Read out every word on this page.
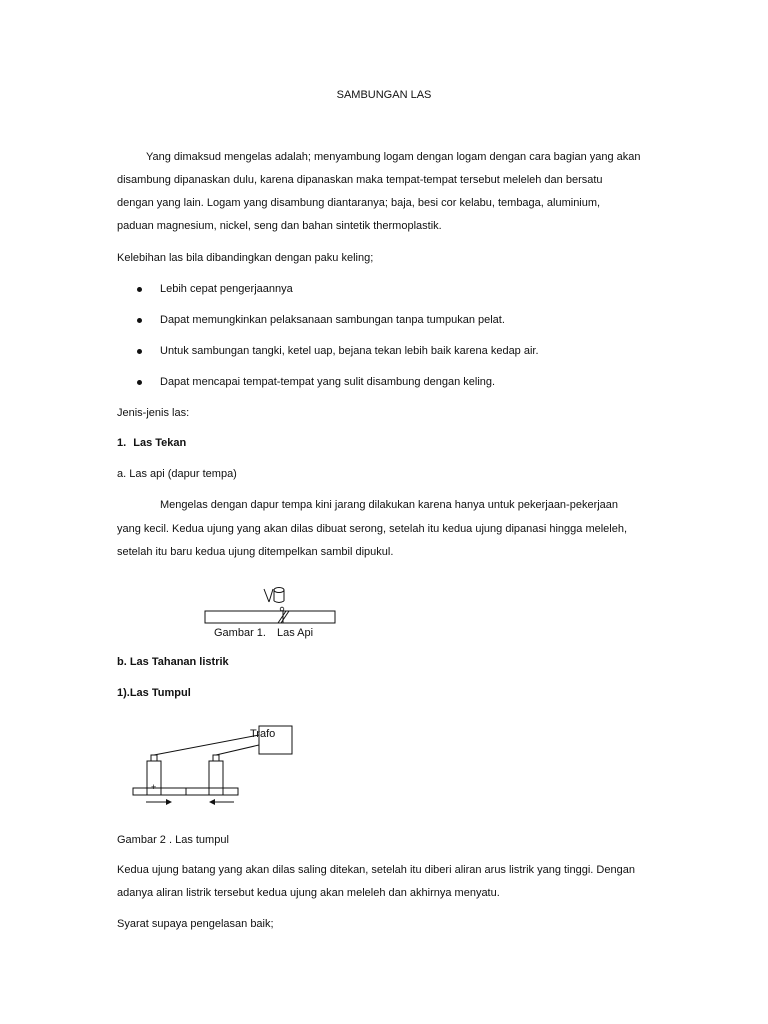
SAMBUNGAN LAS
Yang dimaksud mengelas adalah; menyambung logam dengan logam dengan cara bagian yang akan
disambung dipanaskan dulu, karena dipanaskan maka tempat-tempat tersebut meleleh dan bersatu
dengan yang lain. Logam yang disambung diantaranya; baja, besi cor kelabu, tembaga, aluminium,
paduan magnesium, nickel, seng dan bahan sintetik thermoplastik.
Kelebihan las bila dibandingkan dengan paku keling;
Lebih cepat pengerjaannya
Dapat memungkinkan pelaksanaan sambungan tanpa tumpukan pelat.
Untuk sambungan tangki, ketel uap, bejana tekan lebih baik karena kedap air.
Dapat mencapai tempat-tempat yang sulit disambung dengan keling.
Jenis-jenis las:
1. Las Tekan
a. Las api (dapur tempa)
Mengelas dengan dapur tempa kini jarang dilakukan karena hanya untuk pekerjaan-pekerjaan
yang kecil. Kedua ujung yang akan dilas dibuat serong, setelah itu kedua ujung dipanasi hingga meleleh,
setelah itu baru kedua ujung ditempelkan sambil dipukul.
Gambar 1. Las Api
b. Las Tahanan listrik
1).Las Tumpul
Trafo
+
Gambar 2 . Las tumpul
Kedua ujung batang yang akan dilas saling ditekan, setelah itu diberi aliran arus listrik yang tinggi. Dengan
adanya aliran listrik tersebut kedua ujung akan meleleh dan akhirnya menyatu.
Syarat supaya pengelasan baik;
